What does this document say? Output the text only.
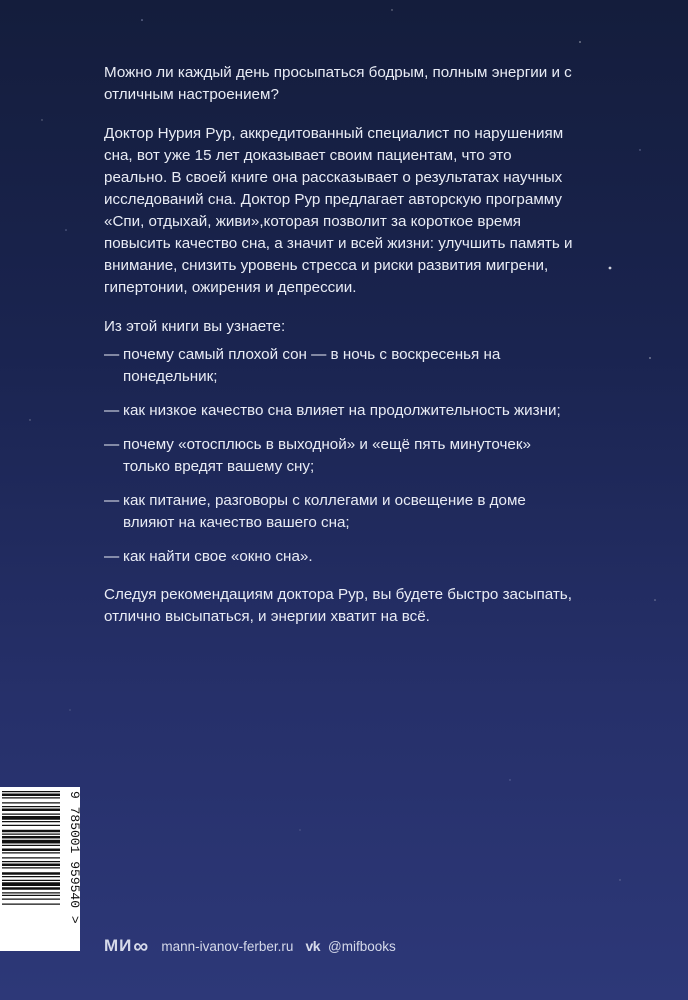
Можно ли каждый день просыпаться бодрым, полным энергии и с отличным настроением?

Доктор Нурия Рур, аккредитованный специалист по нарушениям сна, вот уже 15 лет доказывает своим пациентам, что это реально. В своей книге она рассказывает о результатах научных исследований сна. Доктор Рур предлагает авторскую программу «Спи, отдыхай, живи»,которая позволит за короткое время повысить качество сна, а значит и всей жизни: улучшить память и внимание, снизить уровень стресса и риски развития мигрени, гипертонии, ожирения и депрессии.

Из этой книги вы узнаете:

— почему самый плохой сон — в ночь с воскресенья на понедельник;
— как низкое качество сна влияет на продолжительность жизни;
— почему «отосплюсь в выходной» и «ещё пять минуточек» только вредят вашему сну;
— как питание, разговоры с коллегами и освещение в доме влияют на качество вашего сна;
— как найти свое «окно сна».

Следуя рекомендациям доктора Рур, вы будете быстро засыпать, отлично высыпаться, и энергии хватит на всё.

9 785001 959540 >
МИ ∞ mann-ivanov-ferber.ru vk @mifbooks
